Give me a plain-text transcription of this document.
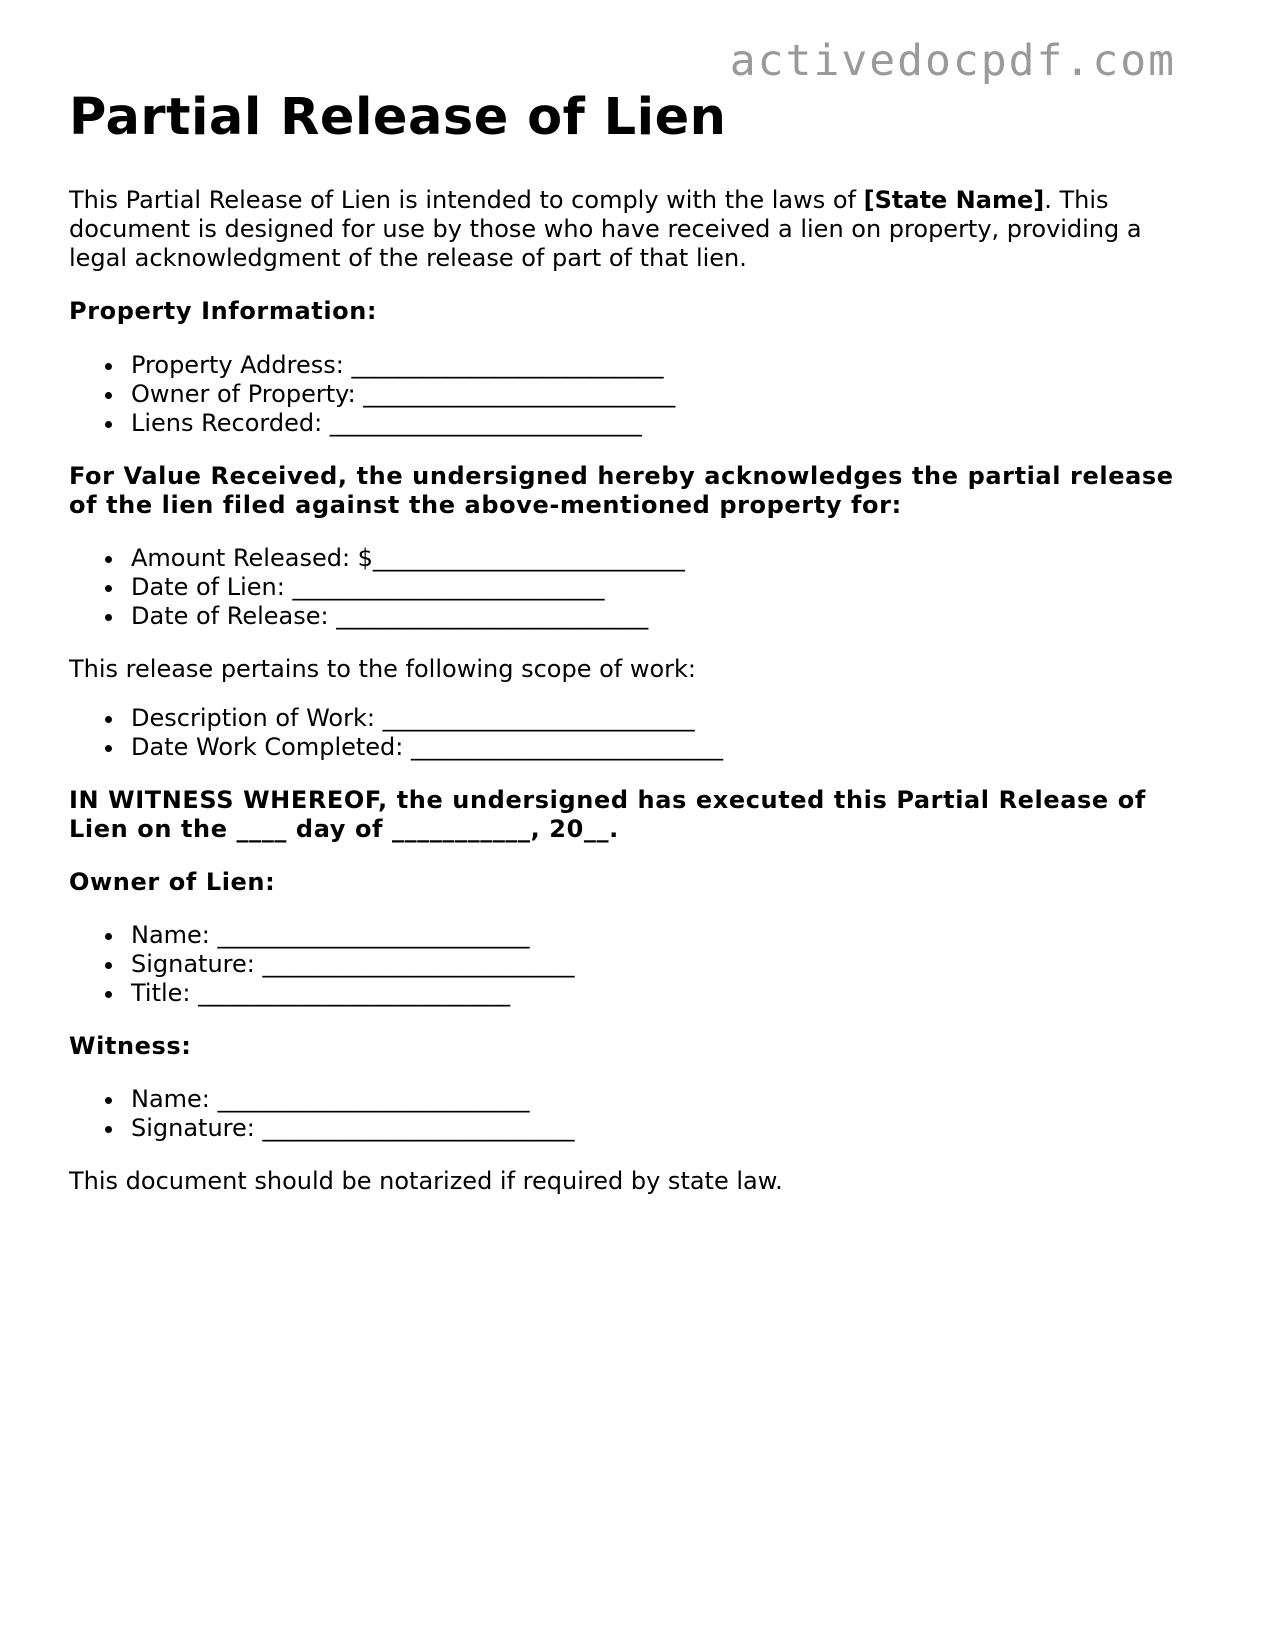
activedocpdf.com
Partial Release of Lien

This Partial Release of Lien is intended to comply with the laws of [State Name]. This document is designed for use by those who have received a lien on property, providing a legal acknowledgment of the release of part of that lien.

Property Information:

Property Address: __________________________
Owner of Property: __________________________
Liens Recorded: __________________________

For Value Received, the undersigned hereby acknowledges the partial release of the lien filed against the above-mentioned property for:

Amount Released: $__________________________
Date of Lien: __________________________
Date of Release: __________________________

This release pertains to the following scope of work:

Description of Work: __________________________
Date Work Completed: __________________________

IN WITNESS WHEREOF, the undersigned has executed this Partial Release of Lien on the ____ day of ___________, 20__.

Owner of Lien:

Name: __________________________
Signature: __________________________
Title: __________________________

Witness:

Name: __________________________
Signature: __________________________

This document should be notarized if required by state law.
